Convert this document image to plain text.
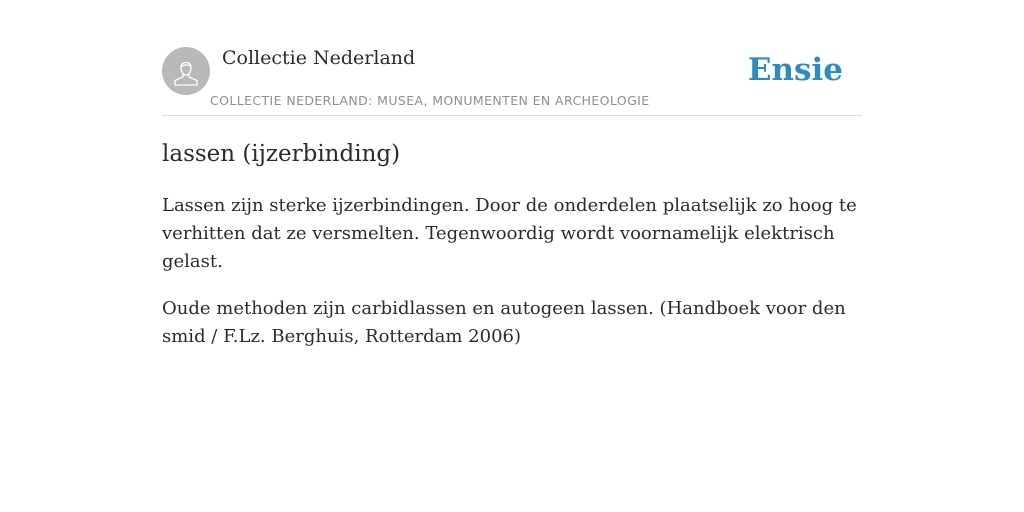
Collectie Nederland
COLLECTIE NEDERLAND: MUSEA, MONUMENTEN EN ARCHEOLOGIE
Ensie
lassen (ijzerbinding)

Lassen zijn sterke ijzerbindingen. Door de onderdelen plaatselijk zo hoog te verhitten dat ze versmelten. Tegenwoordig wordt voornamelijk elektrisch gelast.

Oude methoden zijn carbidlassen en autogeen lassen. (Handboek voor den smid / F.Lz. Berghuis, Rotterdam 2006)
